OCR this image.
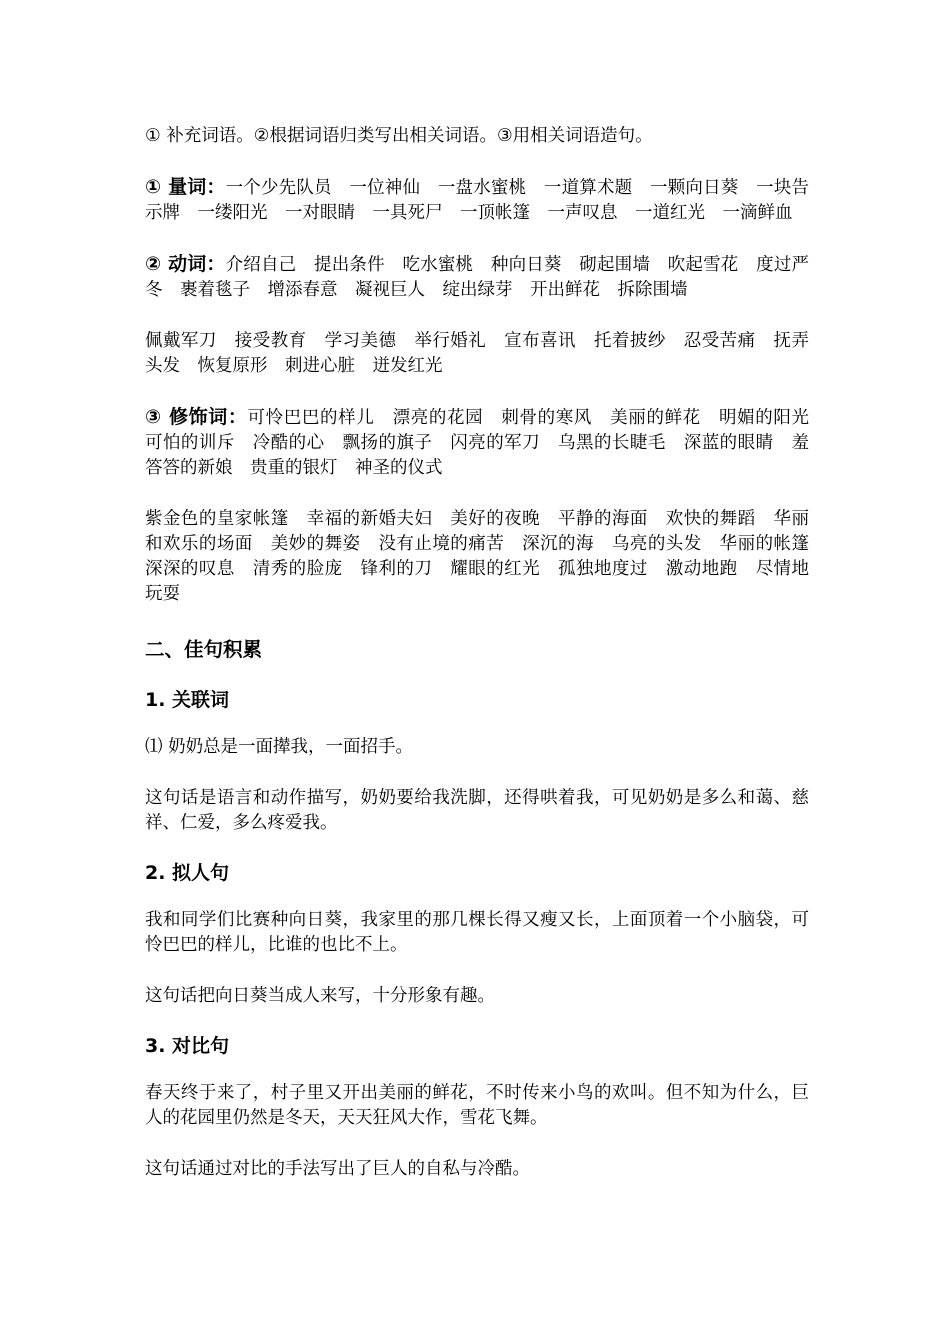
① 补充词语。②根据词语归类写出相关词语。③用相关词语造句。

① 量词：一个少先队员　一位神仙　一盘水蜜桃　一道算术题　一颗向日葵　一块告示牌　一缕阳光　一对眼睛　一具死尸　一顶帐篷　一声叹息　一道红光　一滴鲜血

② 动词：介绍自己　提出条件　吃水蜜桃　种向日葵　砌起围墙　吹起雪花　度过严冬　裹着毯子　增添春意　凝视巨人　绽出绿芽　开出鲜花　拆除围墙

佩戴军刀　接受教育　学习美德　举行婚礼　宣布喜讯　托着披纱　忍受苦痛　抚弄头发　恢复原形　刺进心脏　迸发红光

③ 修饰词：可怜巴巴的样儿　漂亮的花园　刺骨的寒风　美丽的鲜花　明媚的阳光　可怕的训斥　冷酷的心　飘扬的旗子　闪亮的军刀　乌黑的长睫毛　深蓝的眼睛　羞答答的新娘　贵重的银灯　神圣的仪式

紫金色的皇家帐篷　幸福的新婚夫妇　美好的夜晚　平静的海面　欢快的舞蹈　华丽和欢乐的场面　美妙的舞姿　没有止境的痛苦　深沉的海　乌亮的头发　华丽的帐篷　深深的叹息　清秀的脸庞　锋利的刀　耀眼的红光　孤独地度过　激动地跑　尽情地玩耍

二、佳句积累
1. 关联词

⑴ 奶奶总是一面撵我，一面招手。

这句话是语言和动作描写，奶奶要给我洗脚，还得哄着我，可见奶奶是多么和蔼、慈祥、仁爱，多么疼爱我。

2. 拟人句

我和同学们比赛种向日葵，我家里的那几棵长得又瘦又长，上面顶着一个小脑袋，可怜巴巴的样儿，比谁的也比不上。

这句话把向日葵当成人来写，十分形象有趣。

3. 对比句

春天终于来了，村子里又开出美丽的鲜花，不时传来小鸟的欢叫。但不知为什么，巨人的花园里仍然是冬天，天天狂风大作，雪花飞舞。

这句话通过对比的手法写出了巨人的自私与冷酷。
